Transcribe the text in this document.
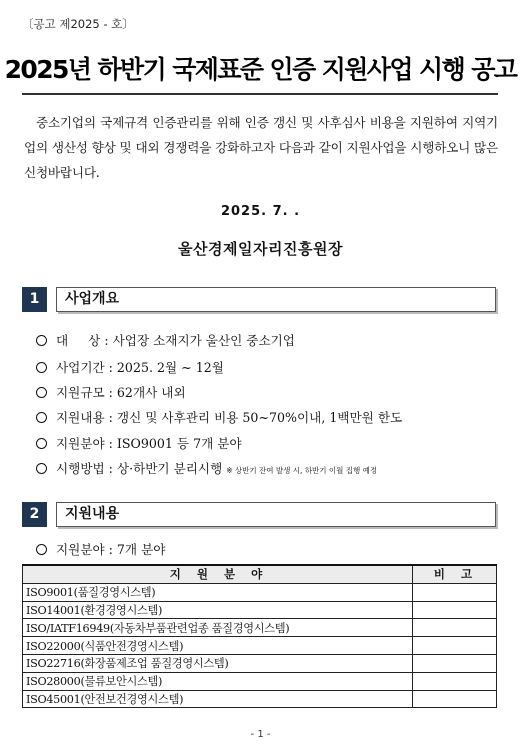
〔공고 제2025 - 호〕
2025년 하반기 국제표준 인증 지원사업 시행 공고
중소기업의 국제규격 인증관리를 위해 인증 갱신 및 사후심사 비용을 지원하여 지역기업의 생산성 향상 및 대외 경쟁력을 강화하고자 다음과 같이 지원사업을 시행하오니 많은 신청바랍니다.
2025. 7. .
울산경제일자리진흥원장
1	사업개요
대     상 : 사업장 소재지가 울산인 중소기업
사업기간 : 2025. 2월 ~ 12월
지원규모 : 62개사 내외
지원내용 : 갱신 및 사후관리 비용 50~70%이내, 1백만원 한도
지원분야 : ISO9001 등 7개 분야
시행방법 : 상·하반기 분리시행 ※ 상반기 잔여 발생 시, 하반기 이월 집행 예정
2	지원내용
지원분야 : 7개 분야
지 원 분 야	비 고
ISO9001(품질경영시스템)	
ISO14001(환경경영시스템)	
ISO/IATF16949(자동차부품관련업종 품질경영시스템)	
ISO22000(식품안전경영시스템)	
ISO22716(화장품제조업 품질경영시스템)	
ISO28000(물류보안시스템)	
ISO45001(안전보건경영시스템)	
- 1 -
